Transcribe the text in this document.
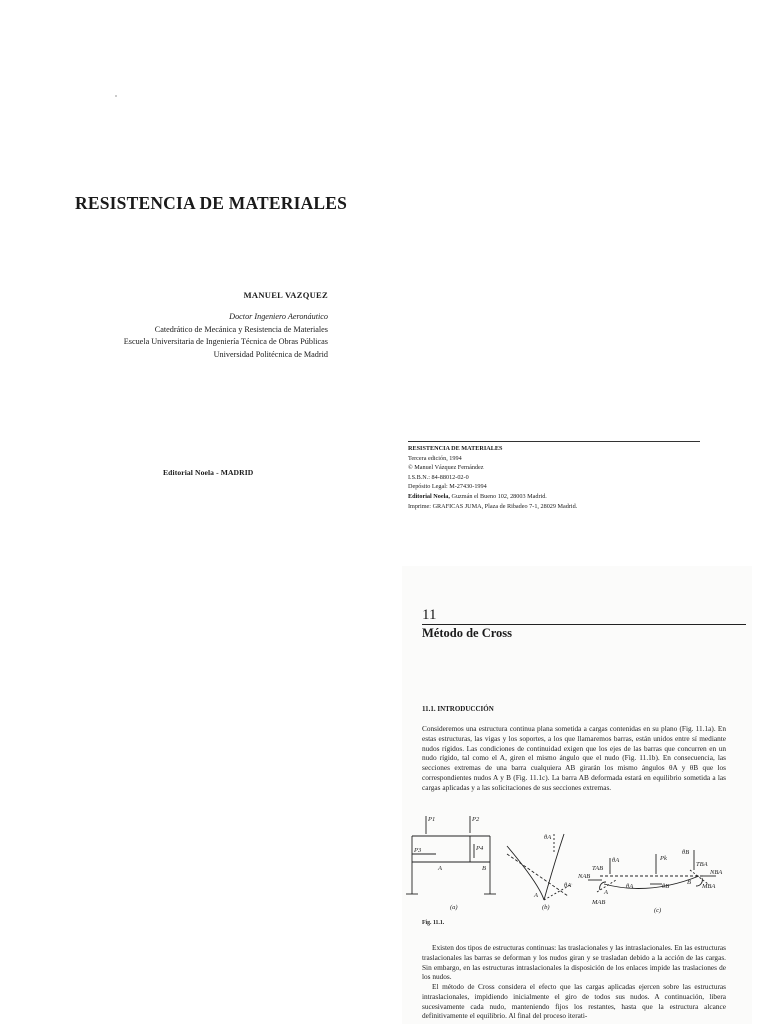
RESISTENCIA DE MATERIALES
MANUEL VAZQUEZ
Doctor Ingeniero Aeronáutico
Catedrático de Mecánica y Resistencia de Materiales
Escuela Universitaria de Ingeniería Técnica de Obras Públicas
Universidad Politécnica de Madrid
Editorial Noela - MADRID
RESISTENCIA DE MATERIALES
Tercera edición, 1994
© Manuel Vázquez Fernández
I.S.B.N.: 84-88012-02-0
Depósito Legal: M-27430-1994
Editorial Noela, Guzmán el Bueno 102, 28003 Madrid.
Imprime: GRAFICAS JUMA, Plaza de Ribadeo 7-1, 28029 Madrid.
11
Método de Cross
11.1. INTRODUCCIÓN

Consideremos una estructura continua plana sometida a cargas contenidas en su plano (Fig. 11.1a). En estas estructuras, las vigas y los soportes, a los que llamaremos barras, están unidos entre sí mediante nudos rígidos. Las condiciones de continuidad exigen que los ejes de las barras que concurren en un nudo rígido, tal como el A, giren el mismo ángulo que el nudo (Fig. 11.1b). En consecuencia, las secciones extremas de una barra cualquiera AB girarán los mismo ángulos θA y θB que los correspondientes nudos A y B (Fig. 11.1c). La barra AB deformada estará en equilibrio sometida a las cargas aplicadas y a las solicitaciones de sus secciones extremas.

P1	P2
P3	P4
A	B
(a)
θA
θA
A
(b)
TAB
NAB
MAB
θA
A
θA
Pk
θB
θB
TBA
NBA
MBA
B
(c)
Fig. 11.1.

Existen dos tipos de estructuras continuas: las traslacionales y las intraslacionales. En las estructuras traslacionales las barras se deforman y los nudos giran y se trasladan debido a la acción de las cargas. Sin embargo, en las estructuras intraslacionales la disposición de los enlaces impide las traslaciones de los nudos.

El método de Cross considera el efecto que las cargas aplicadas ejercen sobre las estructuras intraslacionales, impidiendo inicialmente el giro de todos sus nudos. A continuación, libera sucesivamente cada nudo, manteniendo fijos los restantes, hasta que la estructura alcance definitivamente el equilibrio. Al final del proceso iterati-
